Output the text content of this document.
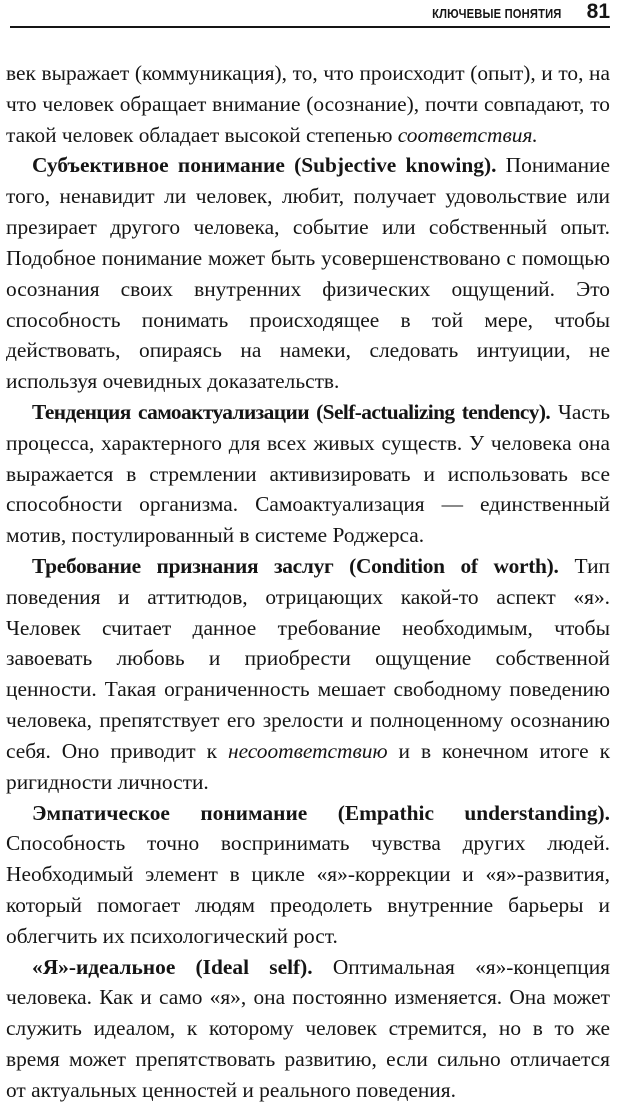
КЛЮЧЕВЫЕ ПОНЯТИЯ 81

век выражает (коммуникация), то, что происходит (опыт), и то, на что человек обращает внимание (осознание), почти совпадают, то такой человек обладает высокой степенью соответствия.

Субъективное понимание (Subjective knowing). Понимание того, ненавидит ли человек, любит, получает удовольствие или презирает другого человека, событие или собственный опыт. Подобное понимание может быть усовершенствовано с помощью осознания своих внутренних физических ощущений. Это способность понимать происходящее в той мере, чтобы действовать, опираясь на намеки, следовать интуиции, не используя очевидных доказательств.

Тенденция самоактуализации (Self-actualizing tendency). Часть процесса, характерного для всех живых существ. У человека она выражается в стремлении активизировать и использовать все способности организма. Самоактуализация — единственный мотив, постулированный в системе Роджерса.

Требование признания заслуг (Condition of worth). Тип поведения и аттитюдов, отрицающих какой-то аспект «я». Человек считает данное требование необходимым, чтобы завоевать любовь и приобрести ощущение собственной ценности. Такая ограниченность мешает свободному поведению человека, препятствует его зрелости и полноценному осознанию себя. Оно приводит к несоответствию и в конечном итоге к ригидности личности.

Эмпатическое понимание (Empathic understanding). Способность точно воспринимать чувства других людей. Необходимый элемент в цикле «я»-коррекции и «я»-развития, который помогает людям преодолеть внутренние барьеры и облегчить их психологический рост.

«Я»-идеальное (Ideal self). Оптимальная «я»-концепция человека. Как и само «я», она постоянно изменяется. Она может служить идеалом, к которому человек стремится, но в то же время может препятствовать развитию, если сильно отличается от актуальных ценностей и реального поведения.
